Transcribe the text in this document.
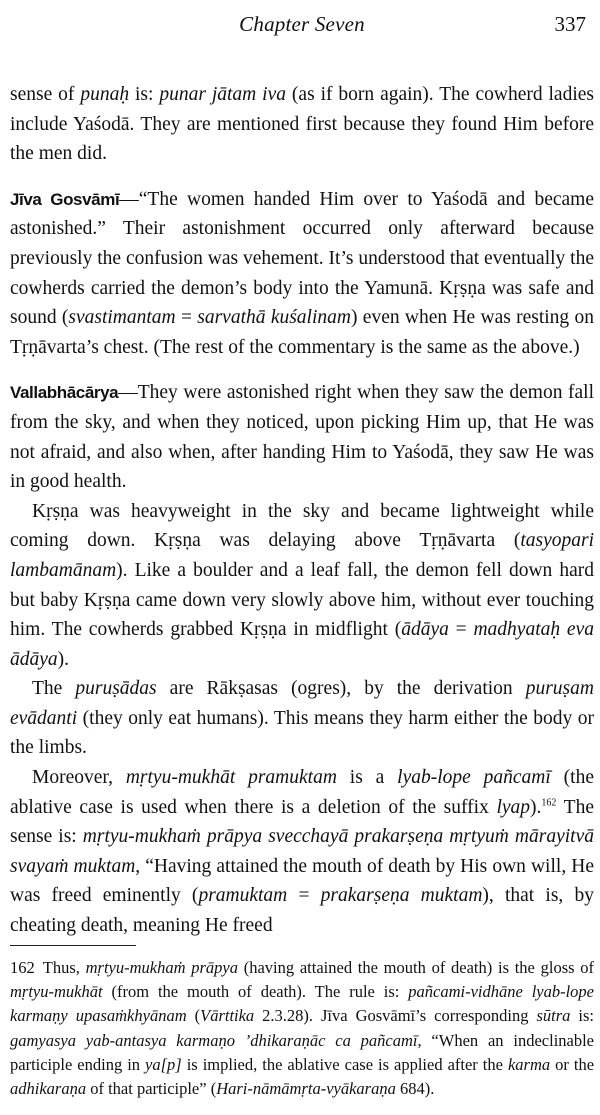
Chapter Seven	337

sense of punaḥ is: punar jātam iva (as if born again). The cowherd ladies include Yaśodā. They are mentioned first because they found Him before the men did.

Jīva Gosvāmī—“The women handed Him over to Yaśodā and became astonished.” Their astonishment occurred only afterward because previously the confusion was vehement. It’s understood that eventually the cowherds carried the demon’s body into the Yamunā. Kṛṣṇa was safe and sound (svastimantam = sarvathā kuśalinam) even when He was resting on Tṛṇāvarta’s chest. (The rest of the commentary is the same as the above.)

Vallabhācārya—They were astonished right when they saw the demon fall from the sky, and when they noticed, upon picking Him up, that He was not afraid, and also when, after handing Him to Yaśodā, they saw He was in good health.

Kṛṣṇa was heavyweight in the sky and became lightweight while coming down. Kṛṣṇa was delaying above Tṛṇāvarta (tasyopari lambamānam). Like a boulder and a leaf fall, the demon fell down hard but baby Kṛṣṇa came down very slowly above him, without ever touching him. The cowherds grabbed Kṛṣṇa in midflight (ādāya = madhyataḥ eva ādāya).

The puruṣādas are Rākṣasas (ogres), by the derivation puruṣam evādanti (they only eat humans). This means they harm either the body or the limbs.

Moreover, mṛtyu-mukhāt pramuktam is a lyab-lope pañcamī (the ablative case is used when there is a deletion of the suffix lyap).$^{162}$ The sense is: mṛtyu-mukhaṁ prāpya svecchayā prakarṣeṇa mṛtyuṁ mārayitvā svayaṁ muktam, “Having attained the mouth of death by His own will, He was freed eminently (pramuktam = prakarṣeṇa muktam), that is, by cheating death, meaning He freed

162 Thus, mṛtyu-mukhaṁ prāpya (having attained the mouth of death) is the gloss of mṛtyu-mukhāt (from the mouth of death). The rule is: pañcami-vidhāne lyab-lope karmaṇy upasaṁkhyānam (Vārttika 2.3.28). Jīva Gosvāmī’s corresponding sūtra is: gamyasya yab-antasya karmaṇo ’dhikaraṇāc ca pañcamī, “When an indeclinable participle ending in ya[p] is implied, the ablative case is applied after the karma or the adhikaraṇa of that participle” (Hari-nāmāmṛta-vyākaraṇa 684).
